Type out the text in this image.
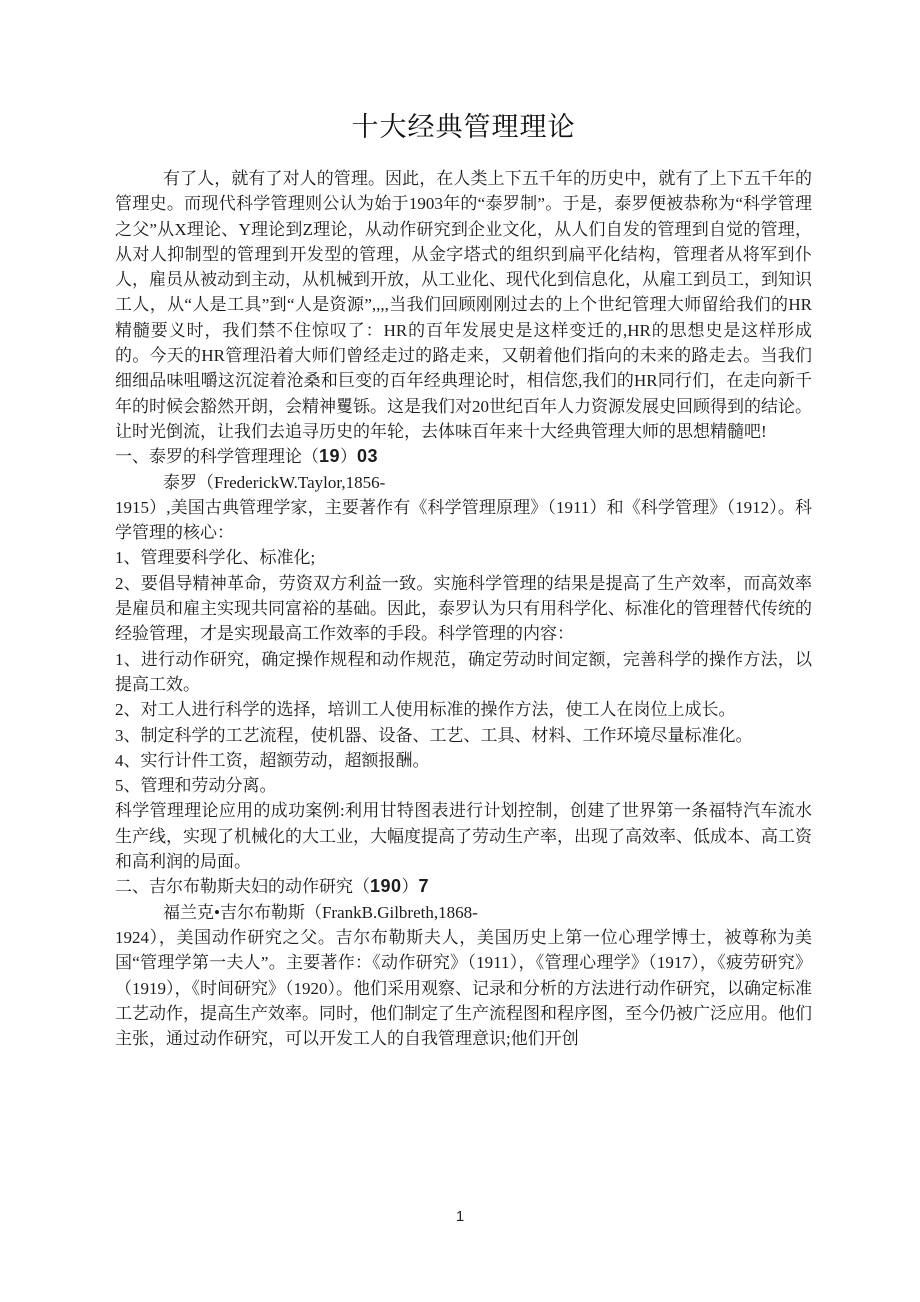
十大经典管理理论

有了人，就有了对人的管理。因此，在人类上下五千年的历史中，就有了上下五千年的管理史。而现代科学管理则公认为始于1903年的“泰罗制”。于是，泰罗便被恭称为“科学管理之父”从X理论、Y理论到Z理论，从动作研究到企业文化，从人们自发的管理到自觉的管理，从对人抑制型的管理到开发型的管理，从金字塔式的组织到扁平化结构，管理者从将军到仆人，雇员从被动到主动，从机械到开放，从工业化、现代化到信息化，从雇工到员工，到知识工人，从“人是工具”到“人是资源”,,,,当我们回顾刚刚过去的上个世纪管理大师留给我们的HR精髓要义时，我们禁不住惊叹了：HR的百年发展史是这样变迁的,HR的思想史是这样形成的。今天的HR管理沿着大师们曾经走过的路走来，又朝着他们指向的未来的路走去。当我们细细品味咀嚼这沉淀着沧桑和巨变的百年经典理论时，相信您,我们的HR同行们，在走向新千年的时候会豁然开朗，会精神矍铄。这是我们对20世纪百年人力资源发展史回顾得到的结论。让时光倒流，让我们去追寻历史的年轮，去体味百年来十大经典管理大师的思想精髓吧!

一、泰罗的科学管理理论（19）03

泰罗（FrederickW.Taylor,1856-
1915）,美国古典管理学家，主要著作有《科学管理原理》（1911）和《科学管理》（1912）。科学管理的核心：

1、管理要科学化、标准化;

2、要倡导精神革命，劳资双方利益一致。实施科学管理的结果是提高了生产效率，而高效率是雇员和雇主实现共同富裕的基础。因此，泰罗认为只有用科学化、标准化的管理替代传统的经验管理，才是实现最高工作效率的手段。科学管理的内容：

1、进行动作研究，确定操作规程和动作规范，确定劳动时间定额，完善科学的操作方法，以提高工效。

2、对工人进行科学的选择，培训工人使用标准的操作方法，使工人在岗位上成长。

3、制定科学的工艺流程，使机器、设备、工艺、工具、材料、工作环境尽量标准化。

4、实行计件工资，超额劳动，超额报酬。

5、管理和劳动分离。

科学管理理论应用的成功案例:利用甘特图表进行计划控制，创建了世界第一条福特汽车流水生产线，实现了机械化的大工业，大幅度提高了劳动生产率，出现了高效率、低成本、高工资和高利润的局面。

二、吉尔布勒斯夫妇的动作研究（190）7

福兰克•吉尔布勒斯（FrankB.Gilbreth,1868-
1924），美国动作研究之父。吉尔布勒斯夫人，美国历史上第一位心理学博士，被尊称为美国“管理学第一夫人”。主要著作：《动作研究》（1911），《管理心理学》（1917），《疲劳研究》（1919），《时间研究》（1920）。他们采用观察、记录和分析的方法进行动作研究，以确定标准工艺动作，提高生产效率。同时，他们制定了生产流程图和程序图，至今仍被广泛应用。他们主张，通过动作研究，可以开发工人的自我管理意识;他们开创

1
